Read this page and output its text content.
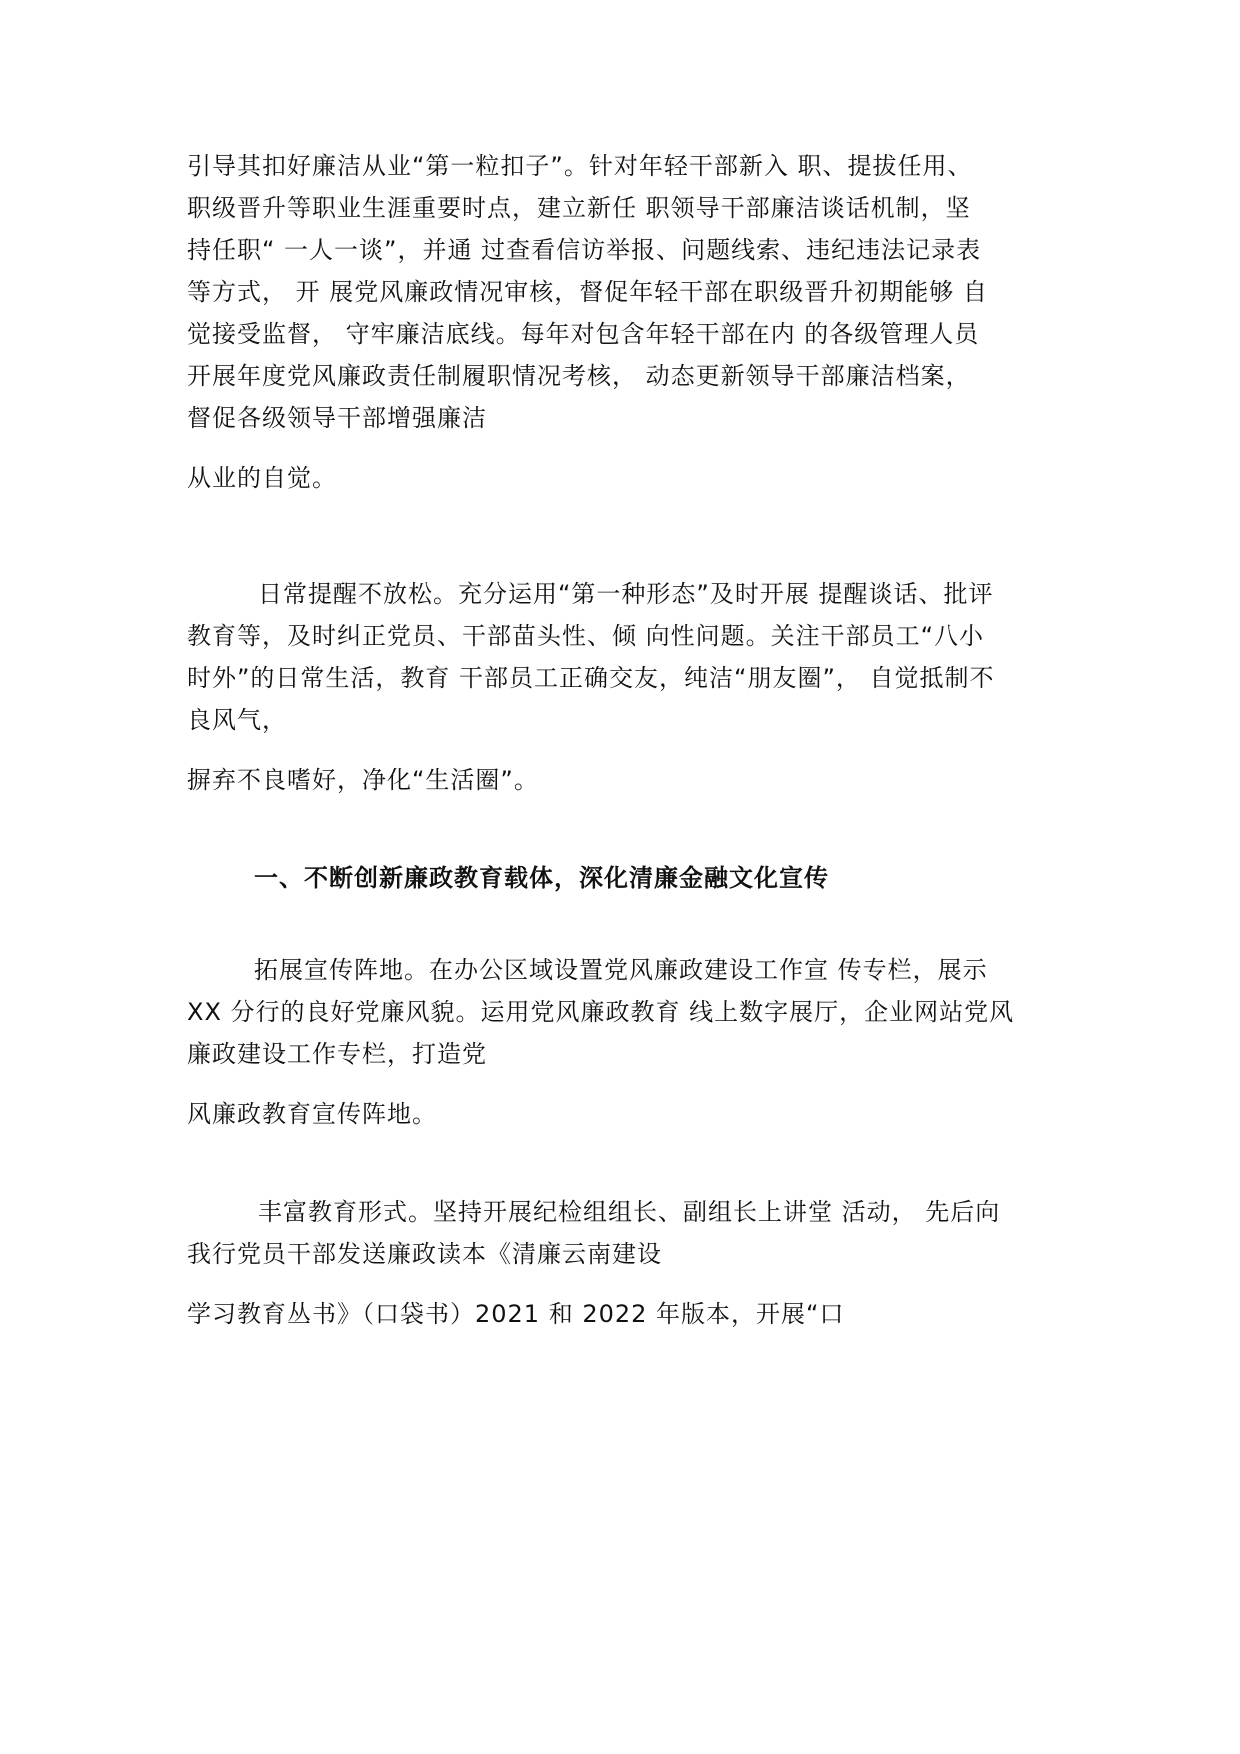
引导其扣好廉洁从业“第一粒扣子”。针对年轻干部新入 职、提拔任用、
职级晋升等职业生涯重要时点，建立新任 职领导干部廉洁谈话机制，坚
持任职“ 一人一谈”，并通 过查看信访举报、问题线索、违纪违法记录表
等方式， 开 展党风廉政情况审核，督促年轻干部在职级晋升初期能够 自
觉接受监督， 守牢廉洁底线。每年对包含年轻干部在内 的各级管理人员
开展年度党风廉政责任制履职情况考核， 动态更新领导干部廉洁档案，
督促各级领导干部增强廉洁
从业的自觉。
日常提醒不放松。充分运用“第一种形态”及时开展 提醒谈话、批评
教育等，及时纠正党员、干部苗头性、倾 向性问题。关注干部员工“八小
时外”的日常生活，教育 干部员工正确交友，纯洁“朋友圈”， 自觉抵制不
良风气，
摒弃不良嗜好，净化“生活圈”。
一、不断创新廉政教育载体，深化清廉金融文化宣传
拓展宣传阵地。在办公区域设置党风廉政建设工作宣 传专栏，展示
XX 分行的良好党廉风貌。运用党风廉政教育 线上数字展厅，企业网站党风
廉政建设工作专栏，打造党
风廉政教育宣传阵地。
丰富教育形式。坚持开展纪检组组长、副组长上讲堂 活动， 先后向
我行党员干部发送廉政读本《清廉云南建设
学习教育丛书》（口袋书）2021 和 2022 年版本，开展“口
